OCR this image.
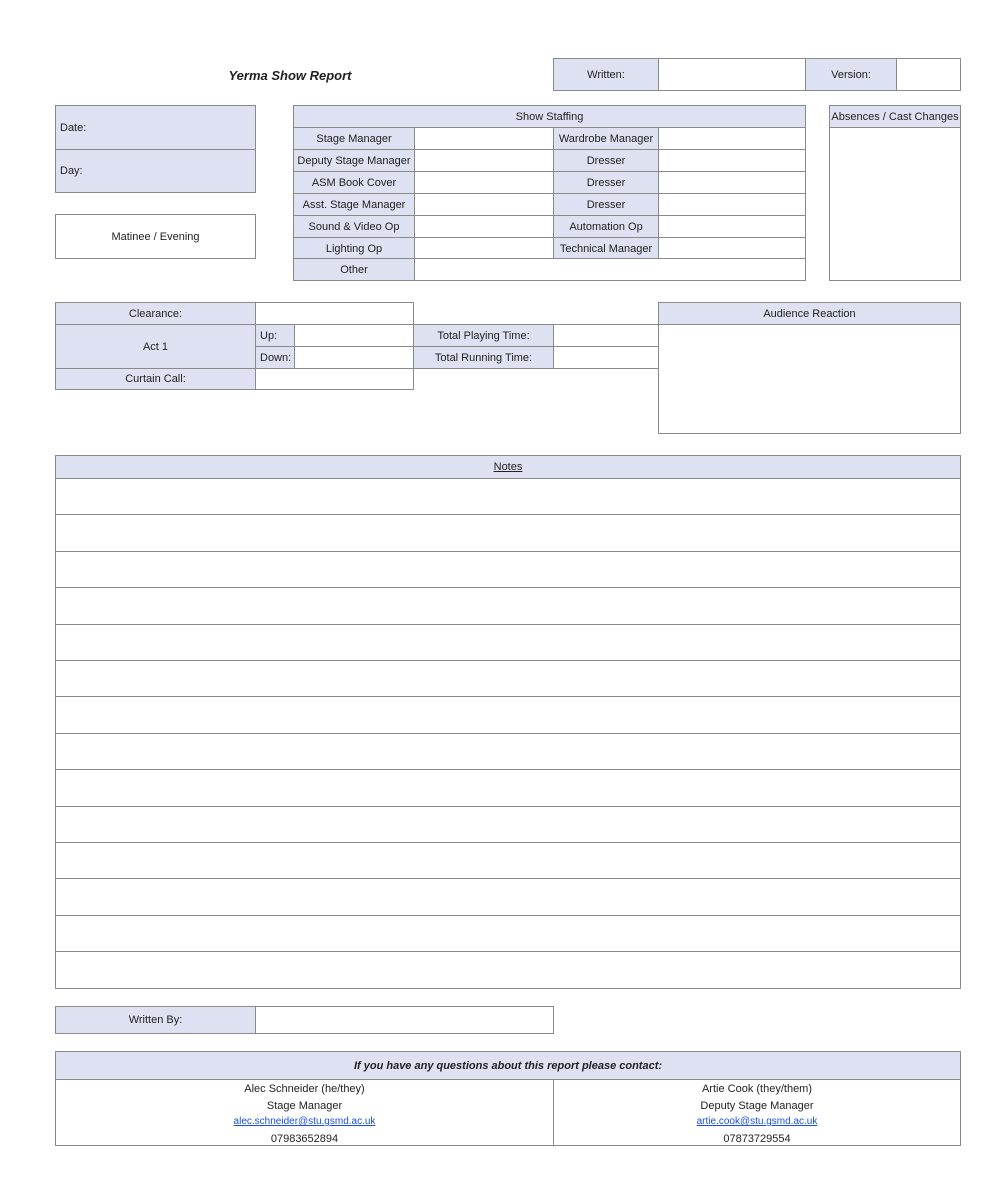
Yerma Show Report	Written:	Version:
Date:
Day:
Matinee / Evening
Show Staffing
Stage Manager	Wardrobe Manager
Deputy Stage Manager	Dresser
ASM Book Cover	Dresser
Asst. Stage Manager	Dresser
Sound & Video Op	Automation Op
Lighting Op	Technical Manager
Other
Absences / Cast Changes
Clearance:
Act 1
Up:
Down:
Curtain Call:
Total Playing Time:
Total Running Time:
Audience Reaction
Notes
Written By:
If you have any questions about this report please contact:
Alec Schneider (he/they)
Stage Manager
alec.schneider@stu.gsmd.ac.uk
07983652894
Artie Cook (they/them)
Deputy Stage Manager
artie.cook@stu.gsmd.ac.uk
07873729554
